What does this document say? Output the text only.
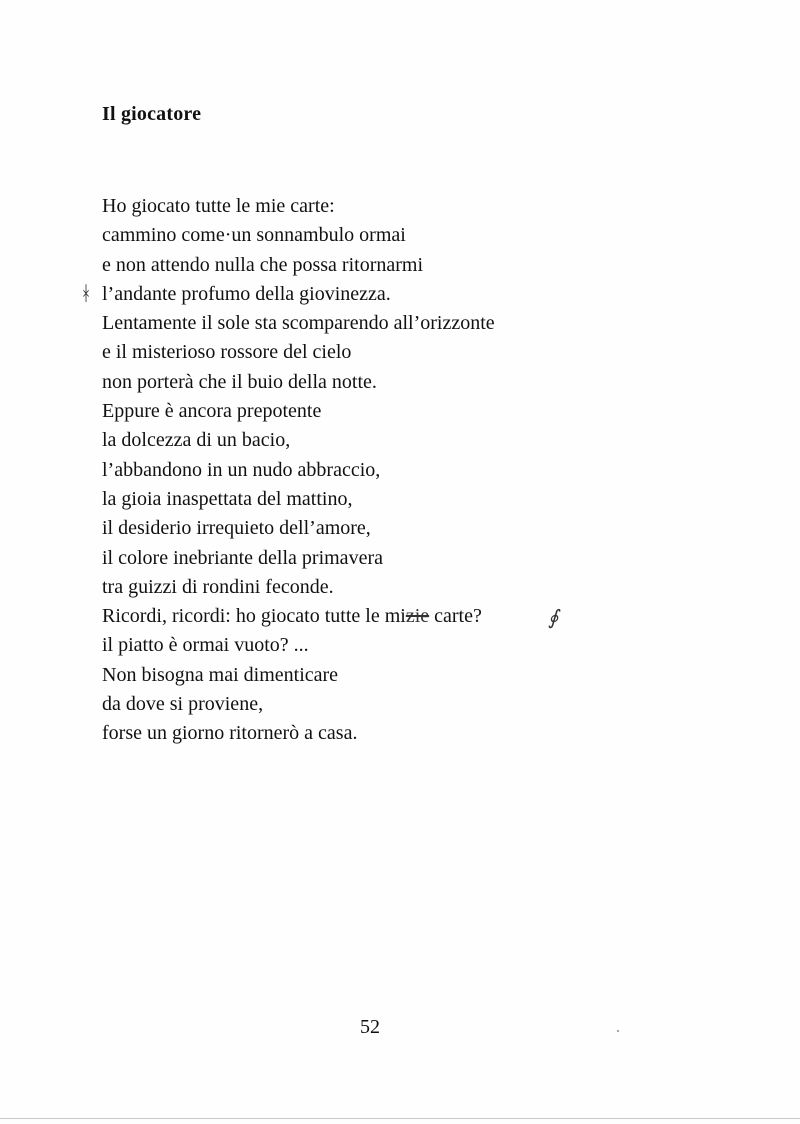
Il giocatore
Ho giocato tutte le mie carte:
cammino come·un sonnambulo ormai
e non attendo nulla che possa ritornarmi
l’andante profumo della giovinezza.
Lentamente il sole sta scomparendo all’orizzonte
e il misterioso rossore del cielo
non porterà che il buio della notte.
Eppure è ancora prepotente
la dolcezza di un bacio,
l’abbandono in un nudo abbraccio,
la gioia inaspettata del mattino,
il desiderio irrequieto dell’amore,
il colore inebriante della primavera
tra guizzi di rondini feconde.
Ricordi, ricordi: ho giocato tutte le mizie carte?
il piatto è ormai vuoto? ...
Non bisogna mai dimenticare
da dove si proviene,
forse un giorno ritornerò a casa.
ᚼ
∮
52
